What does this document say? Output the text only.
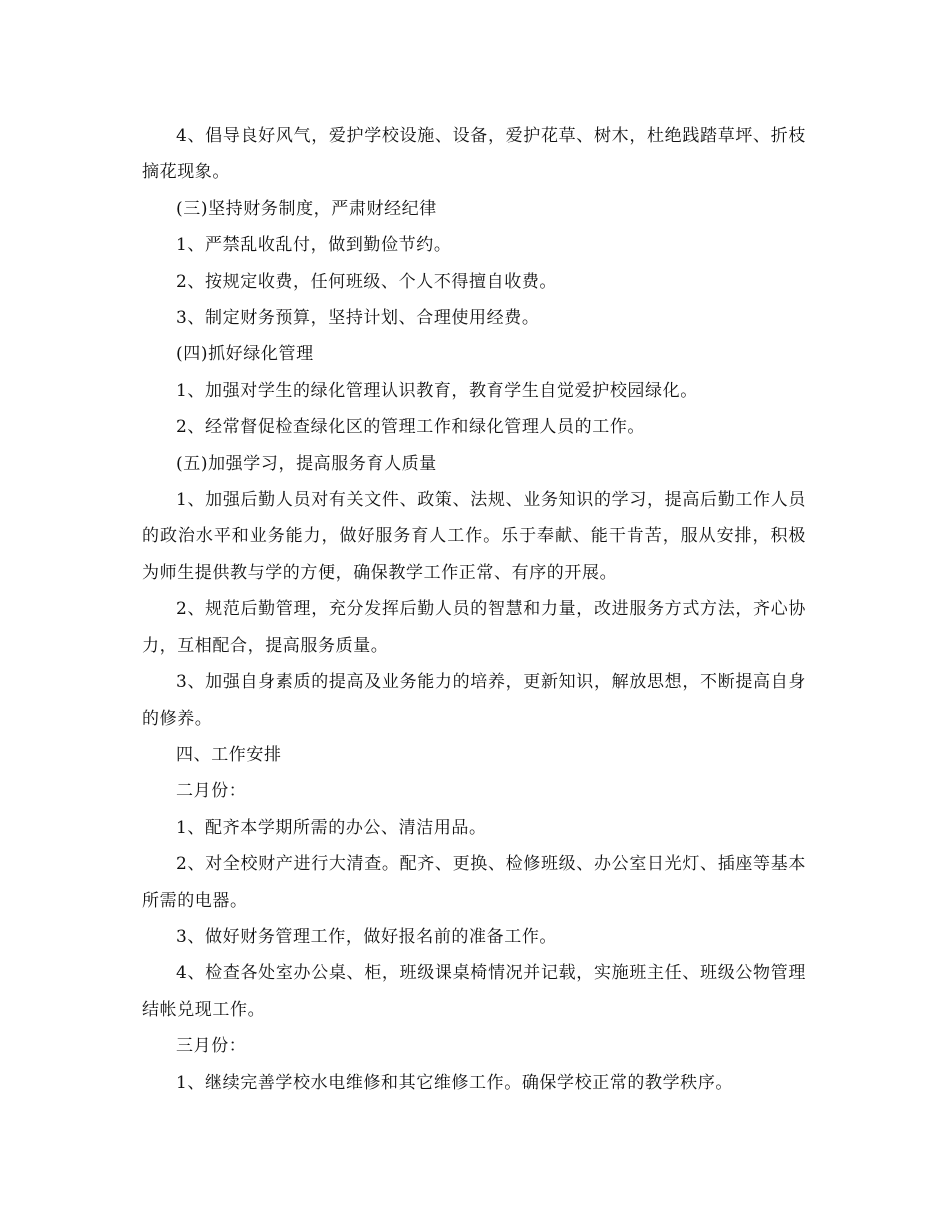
4、倡导良好风气，爱护学校设施、设备，爱护花草、树木，杜绝践踏草坪、折枝摘花现象。

(三)坚持财务制度，严肃财经纪律

1、严禁乱收乱付，做到勤俭节约。

2、按规定收费，任何班级、个人不得擅自收费。

3、制定财务预算，坚持计划、合理使用经费。

(四)抓好绿化管理

1、加强对学生的绿化管理认识教育，教育学生自觉爱护校园绿化。

2、经常督促检查绿化区的管理工作和绿化管理人员的工作。

(五)加强学习，提高服务育人质量

1、加强后勤人员对有关文件、政策、法规、业务知识的学习，提高后勤工作人员的政治水平和业务能力，做好服务育人工作。乐于奉献、能干肯苦，服从安排，积极为师生提供教与学的方便，确保教学工作正常、有序的开展。

2、规范后勤管理，充分发挥后勤人员的智慧和力量，改进服务方式方法，齐心协力，互相配合，提高服务质量。

3、加强自身素质的提高及业务能力的培养，更新知识，解放思想，不断提高自身的修养。

四、工作安排

二月份：

1、配齐本学期所需的办公、清洁用品。

2、对全校财产进行大清查。配齐、更换、检修班级、办公室日光灯、插座等基本所需的电器。

3、做好财务管理工作，做好报名前的准备工作。

4、检查各处室办公桌、柜，班级课桌椅情况并记载，实施班主任、班级公物管理结帐兑现工作。

三月份：

1、继续完善学校水电维修和其它维修工作。确保学校正常的教学秩序。
